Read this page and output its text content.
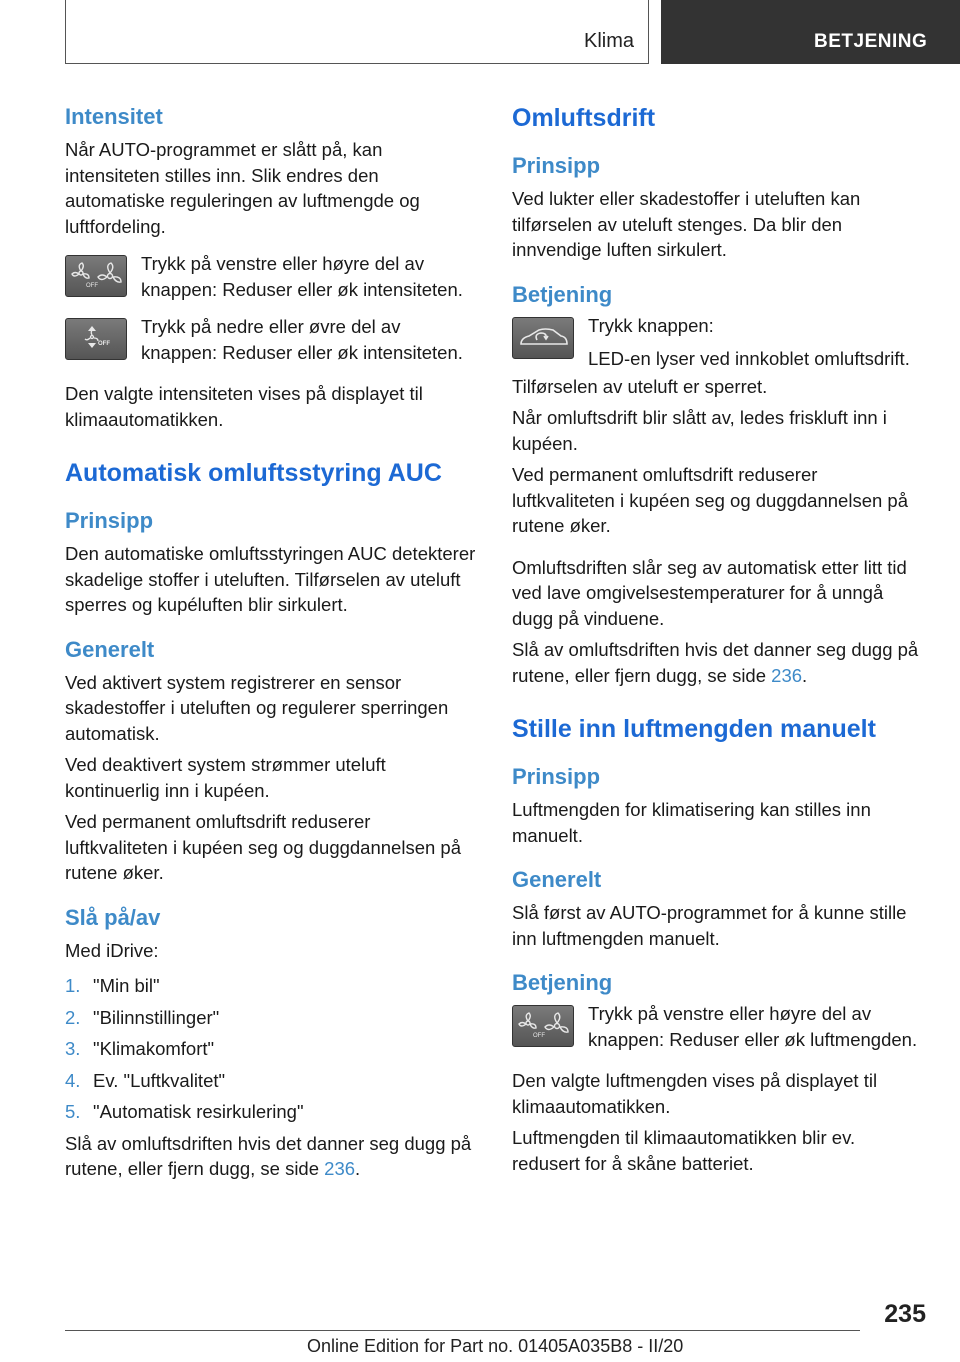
Klima	BETJENING
Intensitet

Når AUTO-programmet er slått på, kan intensiteten stilles inn. Slik endres den automatiske reguleringen av luftmengde og luftfordeling.

OFF
Trykk på venstre eller høyre del av knappen: Reduser eller øk intensiteten.
OFF
Trykk på nedre eller øvre del av knappen: Reduser eller øk intensiteten.

Den valgte intensiteten vises på displayet til klimaautomatikken.

Automatisk omluftsstyring AUC
Prinsipp

Den automatiske omluftsstyringen AUC detekterer skadelige stoffer i uteluften. Tilførselen av uteluft sperres og kupéluften blir sirkulert.

Generelt

Ved aktivert system registrerer en sensor skadestoffer i uteluften og regulerer sperringen automatisk.

Ved deaktivert system strømmer uteluft kontinuerlig inn i kupéen.

Ved permanent omluftsdrift reduserer luftkvaliteten i kupéen seg og duggdannelsen på rutene øker.

Slå på/av

Med iDrive:

1. "Min bil"
2. "Bilinnstillinger"
3. "Klimakomfort"
4. Ev. "Luftkvalitet"
5. "Automatisk resirkulering"

Slå av omluftsdriften hvis det danner seg dugg på rutene, eller fjern dugg, se side 236.

Omluftsdrift
Prinsipp

Ved lukter eller skadestoffer i uteluften kan tilførselen av uteluft stenges. Da blir den innvendige luften sirkulert.

Betjening
Trykk knappen:
LED-en lyser ved innkoblet omluftsdrift.

Tilførselen av uteluft er sperret.

Når omluftsdrift blir slått av, ledes friskluft inn i kupéen.

Ved permanent omluftsdrift reduserer luftkvaliteten i kupéen seg og duggdannelsen på rutene øker.

Omluftsdriften slår seg av automatisk etter litt tid ved lave omgivelsestemperaturer for å unngå dugg på vinduene.

Slå av omluftsdriften hvis det danner seg dugg på rutene, eller fjern dugg, se side 236.

Stille inn luftmengden manuelt
Prinsipp

Luftmengden for klimatisering kan stilles inn manuelt.

Generelt

Slå først av AUTO-programmet for å kunne stille inn luftmengden manuelt.

Betjening
OFF
Trykk på venstre eller høyre del av knappen: Reduser eller øk luftmengden.

Den valgte luftmengden vises på displayet til klimaautomatikken.

Luftmengden til klimaautomatikken blir ev. redusert for å skåne batteriet.

235
Online Edition for Part no. 01405A035B8 - II/20
